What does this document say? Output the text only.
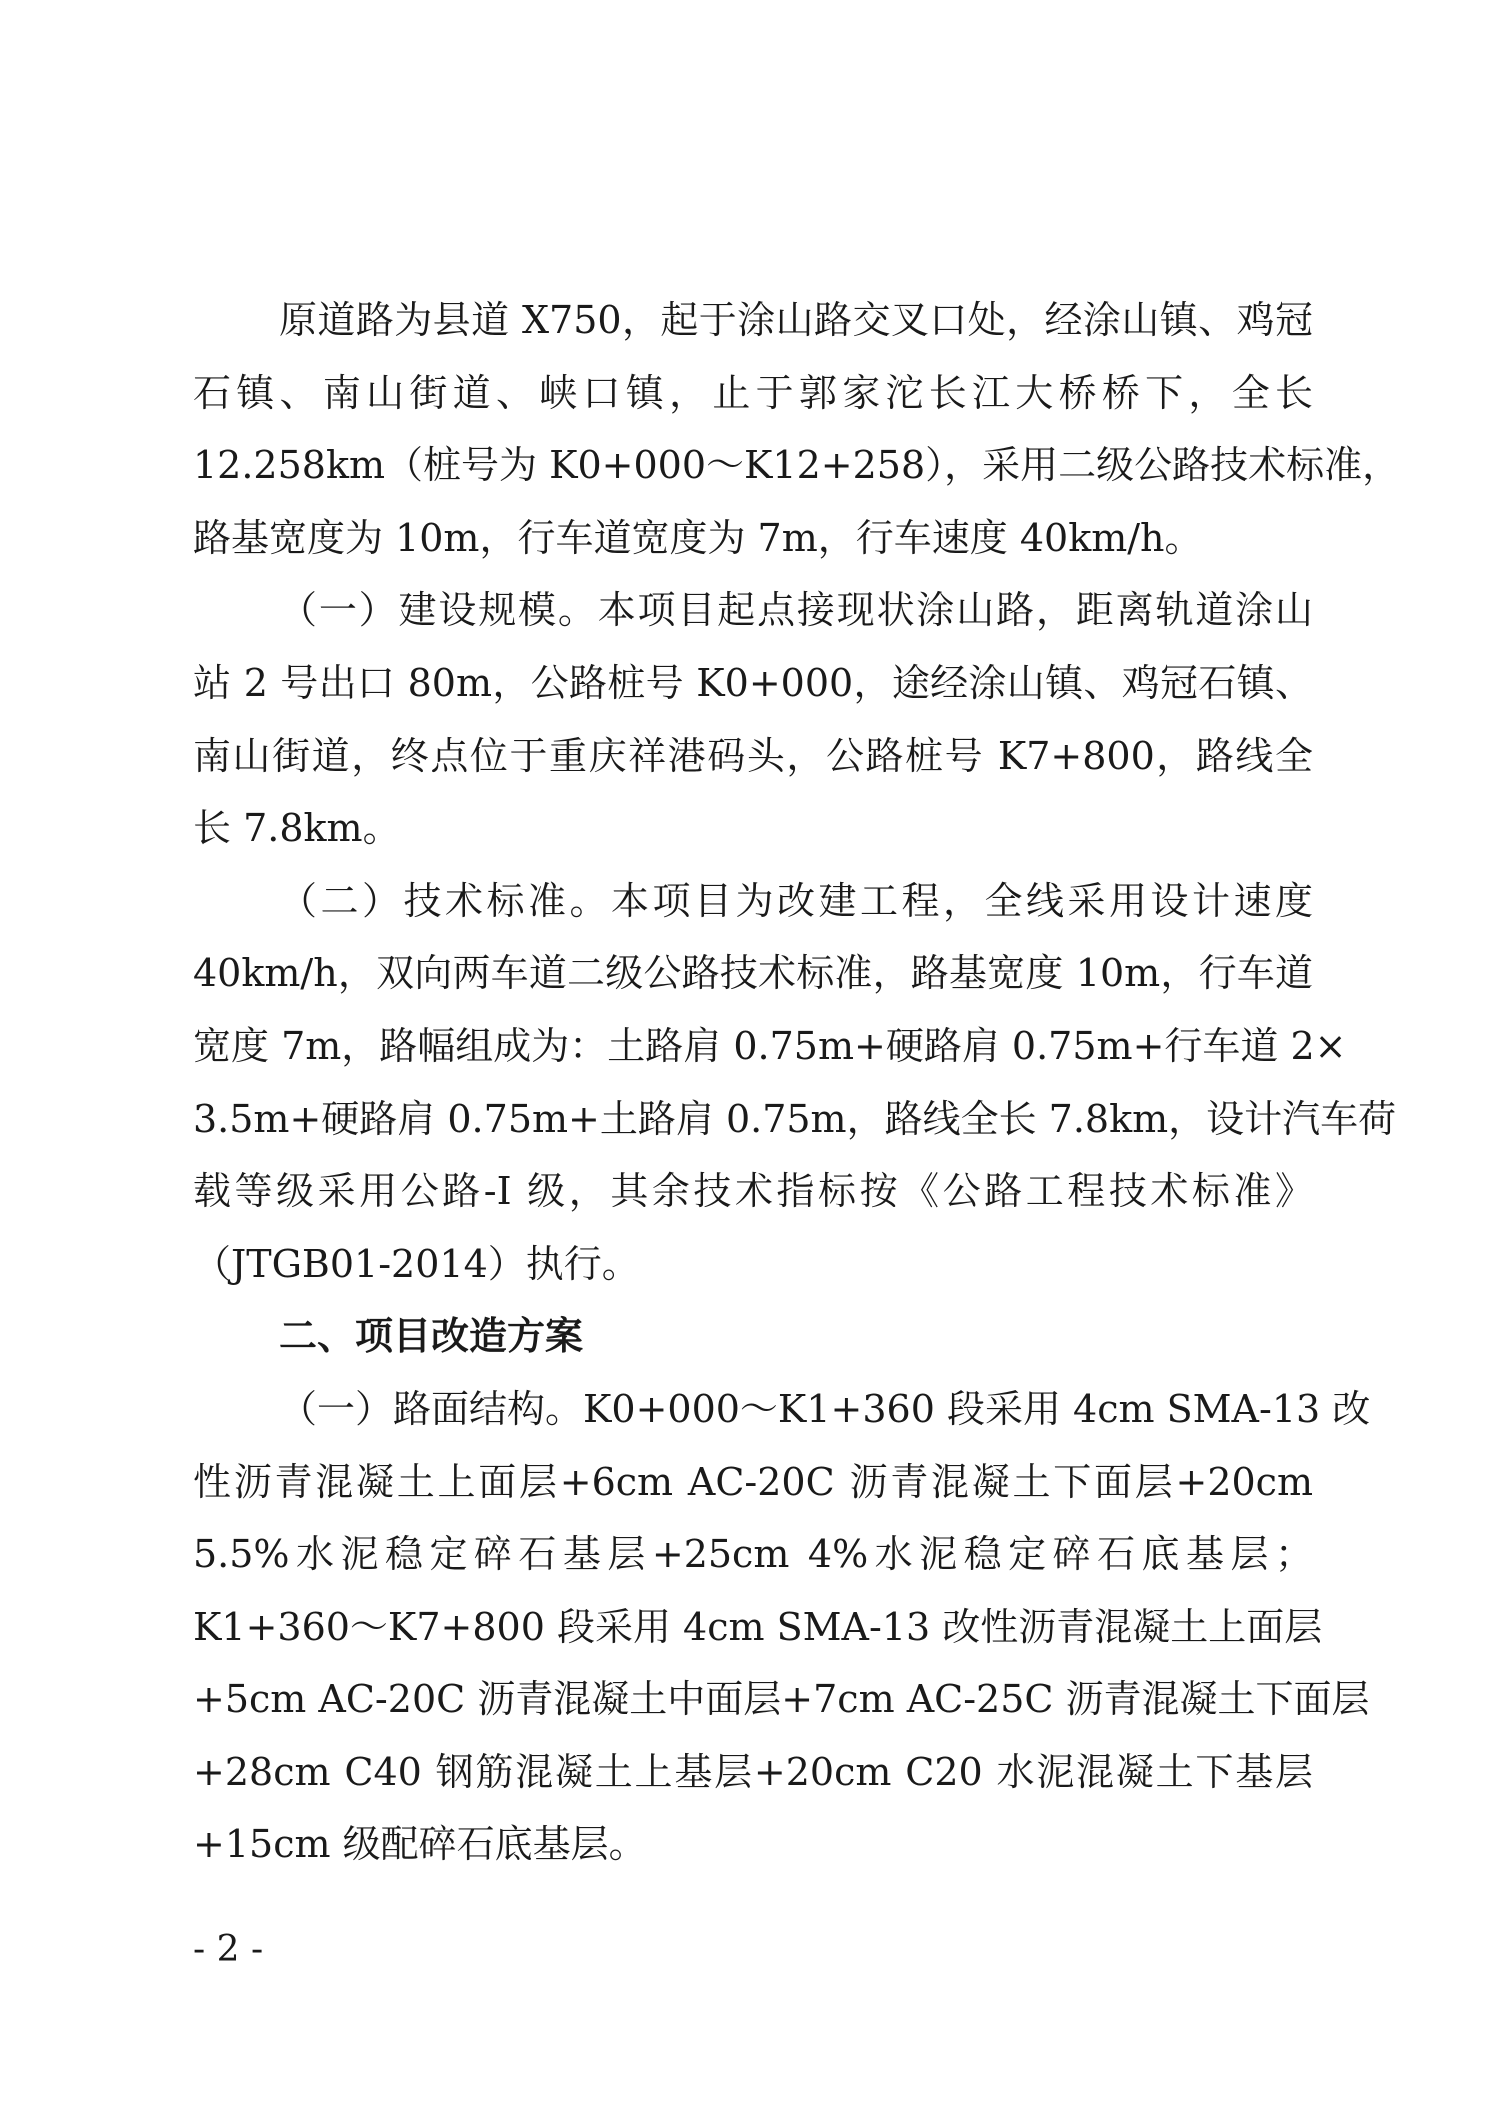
原道路为县道 X750，起于涂山路交叉口处，经涂山镇、鸡冠
石镇、南山街道、峡口镇，止于郭家沱长江大桥桥下，全长
12.258km（桩号为 K0+000～K12+258），采用二级公路技术标准，
路基宽度为 10m，行车道宽度为 7m，行车速度 40km/h。
（一）建设规模。本项目起点接现状涂山路，距离轨道涂山
站 2 号出口 80m，公路桩号 K0+000，途经涂山镇、鸡冠石镇、
南山街道，终点位于重庆祥港码头，公路桩号 K7+800，路线全
长 7.8km。
（二）技术标准。本项目为改建工程，全线采用设计速度
40km/h，双向两车道二级公路技术标准，路基宽度 10m，行车道
宽度 7m，路幅组成为：土路肩 0.75m+硬路肩 0.75m+行车道 2×
3.5m+硬路肩 0.75m+土路肩 0.75m，路线全长 7.8km，设计汽车荷
载等级采用公路-I 级，其余技术指标按《公路工程技术标准》
（JTGB01-2014）执行。
二、项目改造方案
（一）路面结构。K0+000～K1+360 段采用 4cm SMA-13 改
性沥青混凝土上面层+6cm AC-20C 沥青混凝土下面层+20cm
5.5%水泥稳定碎石基层+25cm 4%水泥稳定碎石底基层；
K1+360～K7+800 段采用 4cm SMA-13 改性沥青混凝土上面层
+5cm AC-20C 沥青混凝土中面层+7cm AC-25C 沥青混凝土下面层
+28cm C40 钢筋混凝土上基层+20cm C20 水泥混凝土下基层
+15cm 级配碎石底基层。
- 2 -
